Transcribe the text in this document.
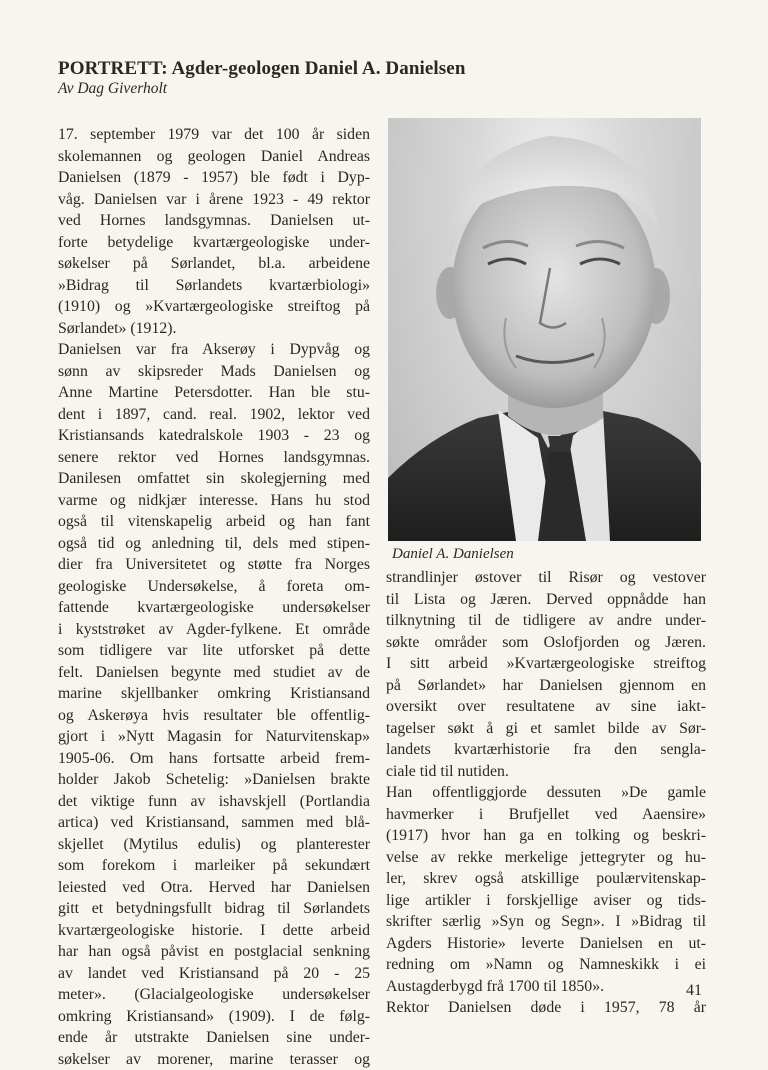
PORTRETT: Agder-geologen Daniel A. Danielsen
Av Dag Giverholt
17. september 1979 var det 100 år siden
skolemannen og geologen Daniel Andreas
Danielsen (1879 - 1957) ble født i Dyp-
våg. Danielsen var i årene 1923 - 49 rektor
ved Hornes landsgymnas. Danielsen ut-
forte betydelige kvartærgeologiske under-
søkelser på Sørlandet, bl.a. arbeidene
»Bidrag til Sørlandets kvartærbiologi»
(1910) og »Kvartærgeologiske streiftog på
Sørlandet» (1912).
Danielsen var fra Akserøy i Dypvåg og
sønn av skipsreder Mads Danielsen og
Anne Martine Petersdotter. Han ble stu-
dent i 1897, cand. real. 1902, lektor ved
Kristiansands katedralskole 1903 - 23 og
senere rektor ved Hornes landsgymnas.
Danilesen omfattet sin skolegjerning med
varme og nidkjær interesse. Hans hu stod
også til vitenskapelig arbeid og han fant
også tid og anledning til, dels med stipen-
dier fra Universitetet og støtte fra Norges
geologiske Undersøkelse, å foreta om-
fattende kvartærgeologiske undersøkelser
i kyststrøket av Agder-fylkene. Et område
som tidligere var lite utforsket på dette
felt. Danielsen begynte med studiet av de
marine skjellbanker omkring Kristiansand
og Askerøya hvis resultater ble offentlig-
gjort i »Nytt Magasin for Naturvitenskap»
1905-06. Om hans fortsatte arbeid frem-
holder Jakob Schetelig: »Danielsen brakte
det viktige funn av ishavskjell (Portlandia
artica) ved Kristiansand, sammen med blå-
skjellet (Mytilus edulis) og planterester
som forekom i marleiker på sekundært
leiested ved Otra. Herved har Danielsen
gitt et betydningsfullt bidrag til Sørlandets
kvartærgeologiske historie. I dette arbeid
har han også påvist en postglacial senkning
av landet ved Kristiansand på 20 - 25
meter». (Glacialgeologiske undersøkelser
omkring Kristiansand» (1909). I de følg-
ende år utstrakte Danielsen sine under-
søkelser av morener, marine terasser og
Daniel A. Danielsen
strandlinjer østover til Risør og vestover
til Lista og Jæren. Derved oppnådde han
tilknytning til de tidligere av andre under-
søkte områder som Oslofjorden og Jæren.
I sitt arbeid »Kvartærgeologiske streiftog
på Sørlandet» har Danielsen gjennom en
oversikt over resultatene av sine iakt-
tagelser søkt å gi et samlet bilde av Sør-
landets kvartærhistorie fra den sengla-
ciale tid til nutiden.
Han offentliggjorde dessuten »De gamle
havmerker i Brufjellet ved Aaensire»
(1917) hvor han ga en tolking og beskri-
velse av rekke merkelige jettegryter og hu-
ler, skrev også atskillige poulærvitenskap-
lige artikler i forskjellige aviser og tids-
skrifter særlig »Syn og Segn». I »Bidrag til
Agders Historie» leverte Danielsen en ut-
redning om »Namn og Namneskikk i ei
Austagderbygd frå 1700 til 1850».
Rektor Danielsen døde i 1957, 78 år
41
